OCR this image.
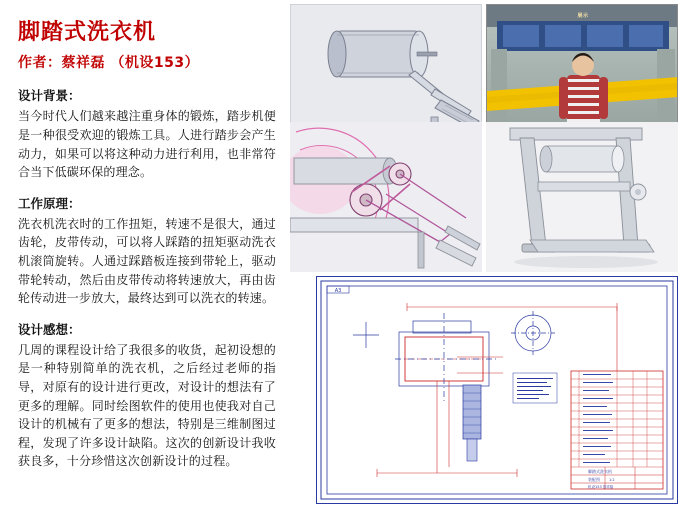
脚踏式洗衣机
作者：蔡祥磊 （机设153）
设计背景：
当今时代人们越来越注重身体的锻炼，踏步机便是一种很受欢迎的锻炼工具。人进行踏步会产生动力，如果可以将这种动力进行利用，也非常符合当下低碳环保的理念。
工作原理：
洗衣机洗衣时的工作扭矩，转速不是很大，通过齿轮，皮带传动，可以将人踩踏的扭矩驱动洗衣机滚筒旋转。人通过踩踏板连接到带轮上，驱动带轮转动，然后由皮带传动将转速放大，再由齿轮传动进一步放大，最终达到可以洗衣的转速。
设计感想：
几周的课程设计给了我很多的收货，起初设想的是一种特别简单的洗衣机，之后经过老师的指导，对原有的设计进行更改，对设计的想法有了更多的理解。同时绘图软件的使用也使我对自己设计的机械有了更多的想法，特别是三维制图过程，发现了许多设计缺陷。这次的创新设计我收获良多，十分珍惜这次创新设计的过程。
展示
A3
脚踏式洗衣机
装配图	1:2
机设153 蔡祥磊
